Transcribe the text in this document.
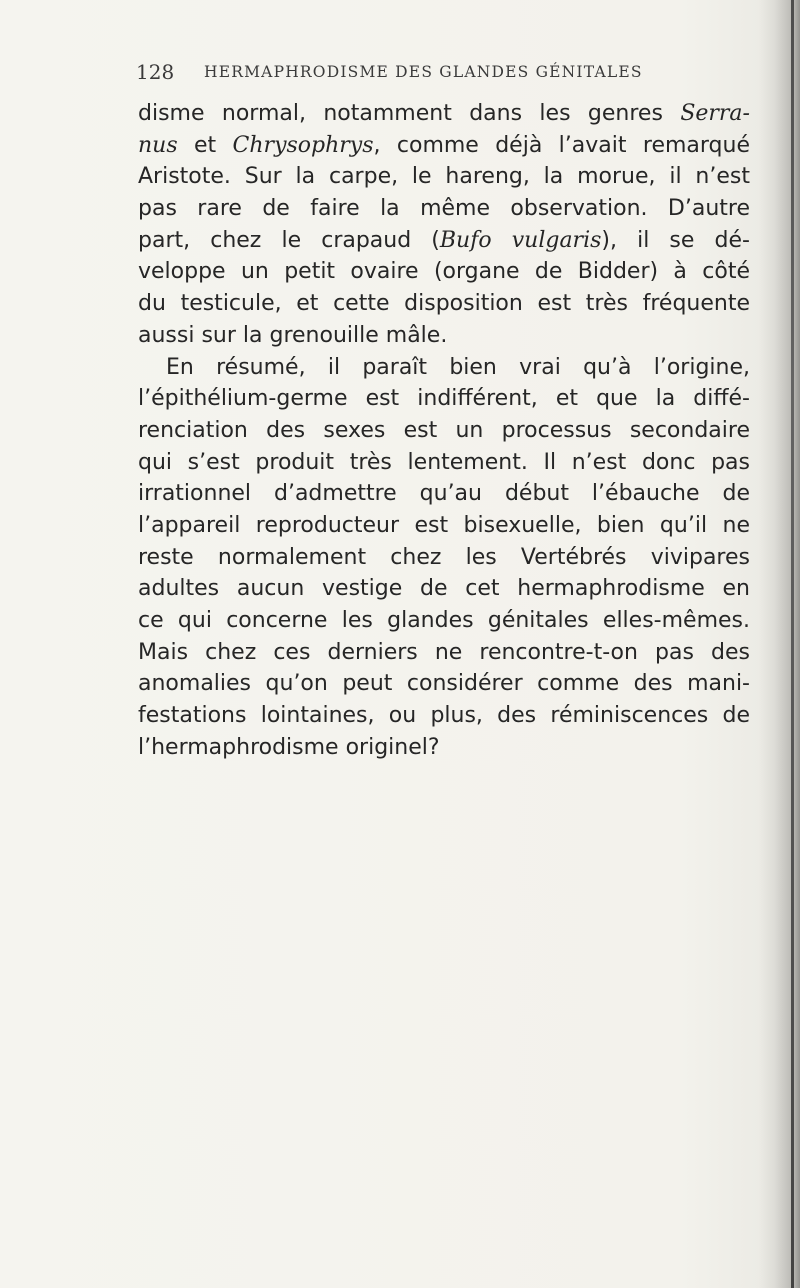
128 HERMAPHRODISME DES GLANDES GÉNITALES
disme normal, notamment dans les genres Serra-
nus et Chrysophrys, comme déjà l’avait remarqué
Aristote. Sur la carpe, le hareng, la morue, il n’est
pas rare de faire la même observation. D’autre
part, chez le crapaud (Bufo vulgaris), il se dé-
veloppe un petit ovaire (organe de Bidder) à côté
du testicule, et cette disposition est très fréquente
aussi sur la grenouille mâle.
En résumé, il paraît bien vrai qu’à l’origine,
l’épithélium-germe est indifférent, et que la diffé-
renciation des sexes est un processus secondaire
qui s’est produit très lentement. Il n’est donc pas
irrationnel d’admettre qu’au début l’ébauche de
l’appareil reproducteur est bisexuelle, bien qu’il ne
reste normalement chez les Vertébrés vivipares
adultes aucun vestige de cet hermaphrodisme en
ce qui concerne les glandes génitales elles-mêmes.
Mais chez ces derniers ne rencontre-t-on pas des
anomalies qu’on peut considérer comme des mani-
festations lointaines, ou plus, des réminiscences de
l’hermaphrodisme originel?
